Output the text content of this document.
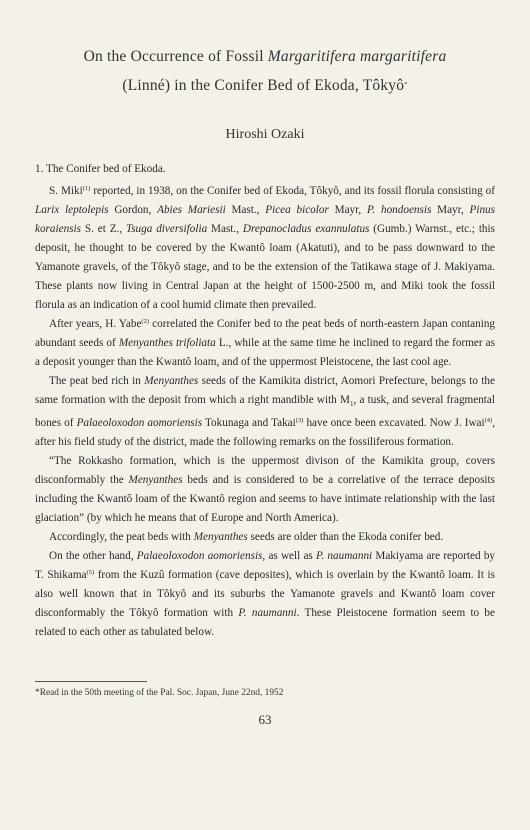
On the Occurrence of Fossil Margaritifera margaritifera
(Linné) in the Conifer Bed of Ekoda, Tôkyô*
Hiroshi Ozaki
1. The Conifer bed of Ekoda.

S. Miki$^{(1)}$ reported, in 1938, on the Conifer bed of Ekoda, Tôkyô, and its fossil florula consisting of Larix leptolepis Gordon, Abies Mariesii Mast., Picea bicolor Mayr, P. hondoensis Mayr, Pinus koraiensis S. et Z., Tsuga diversifolia Mast., Drepanocladus exannulatus (Gumb.) Warnst., etc.; this deposit, he thought to be covered by the Kwantô loam (Akatuti), and to be pass downward to the Yamanote gravels, of the Tôkyô stage, and to be the extension of the Tatikawa stage of J. Makiyama. These plants now living in Central Japan at the height of 1500-2500 m, and Miki took the fossil florula as an indication of a cool humid climate then prevailed.

After years, H. Yabe$^{(2)}$ correlated the Conifer bed to the peat beds of north-eastern Japan contaning abundant seeds of Menyanthes trifoliata L., while at the same time he inclined to regard the former as a deposit younger than the Kwantô loam, and of the uppermost Pleistocene, the last cool age.

The peat bed rich in Menyanthes seeds of the Kamikita district, Aomori Prefecture, belongs to the same formation with the deposit from which a right mandible with $M_1$, a tusk, and several fragmental bones of Palaeoloxodon aomoriensis Tokunaga and Takai$^{(3)}$ have once been excavated. Now J. Iwai$^{(4)}$, after his field study of the district, made the following remarks on the fossiliferous formation.

“The Rokkasho formation, which is the uppermost divison of the Kamikita group, covers disconformably the Menyanthes beds and is considered to be a correlative of the terrace deposits including the Kwantô loam of the Kwantô region and seems to have intimate relationship with the last glaciation” (by which he means that of Europe and North America).

Accordingly, the peat beds with Menyanthes seeds are older than the Ekoda conifer bed.

On the other hand, Palaeoloxodon aomoriensis, as well as P. naumanni Makiyama are reported by T. Shikama$^{(5)}$ from the Kuzû formation (cave deposites), which is overlain by the Kwantô loam. It is also well known that in Tôkyô and its suburbs the Yamanote gravels and Kwantô loam cover disconformably the Tôkyô formation with P. naumanni. These Pleistocene formation seem to be related to each other as tabulated below.

*Read in the 50th meeting of the Pal. Soc. Japan, June 22nd, 1952
63
